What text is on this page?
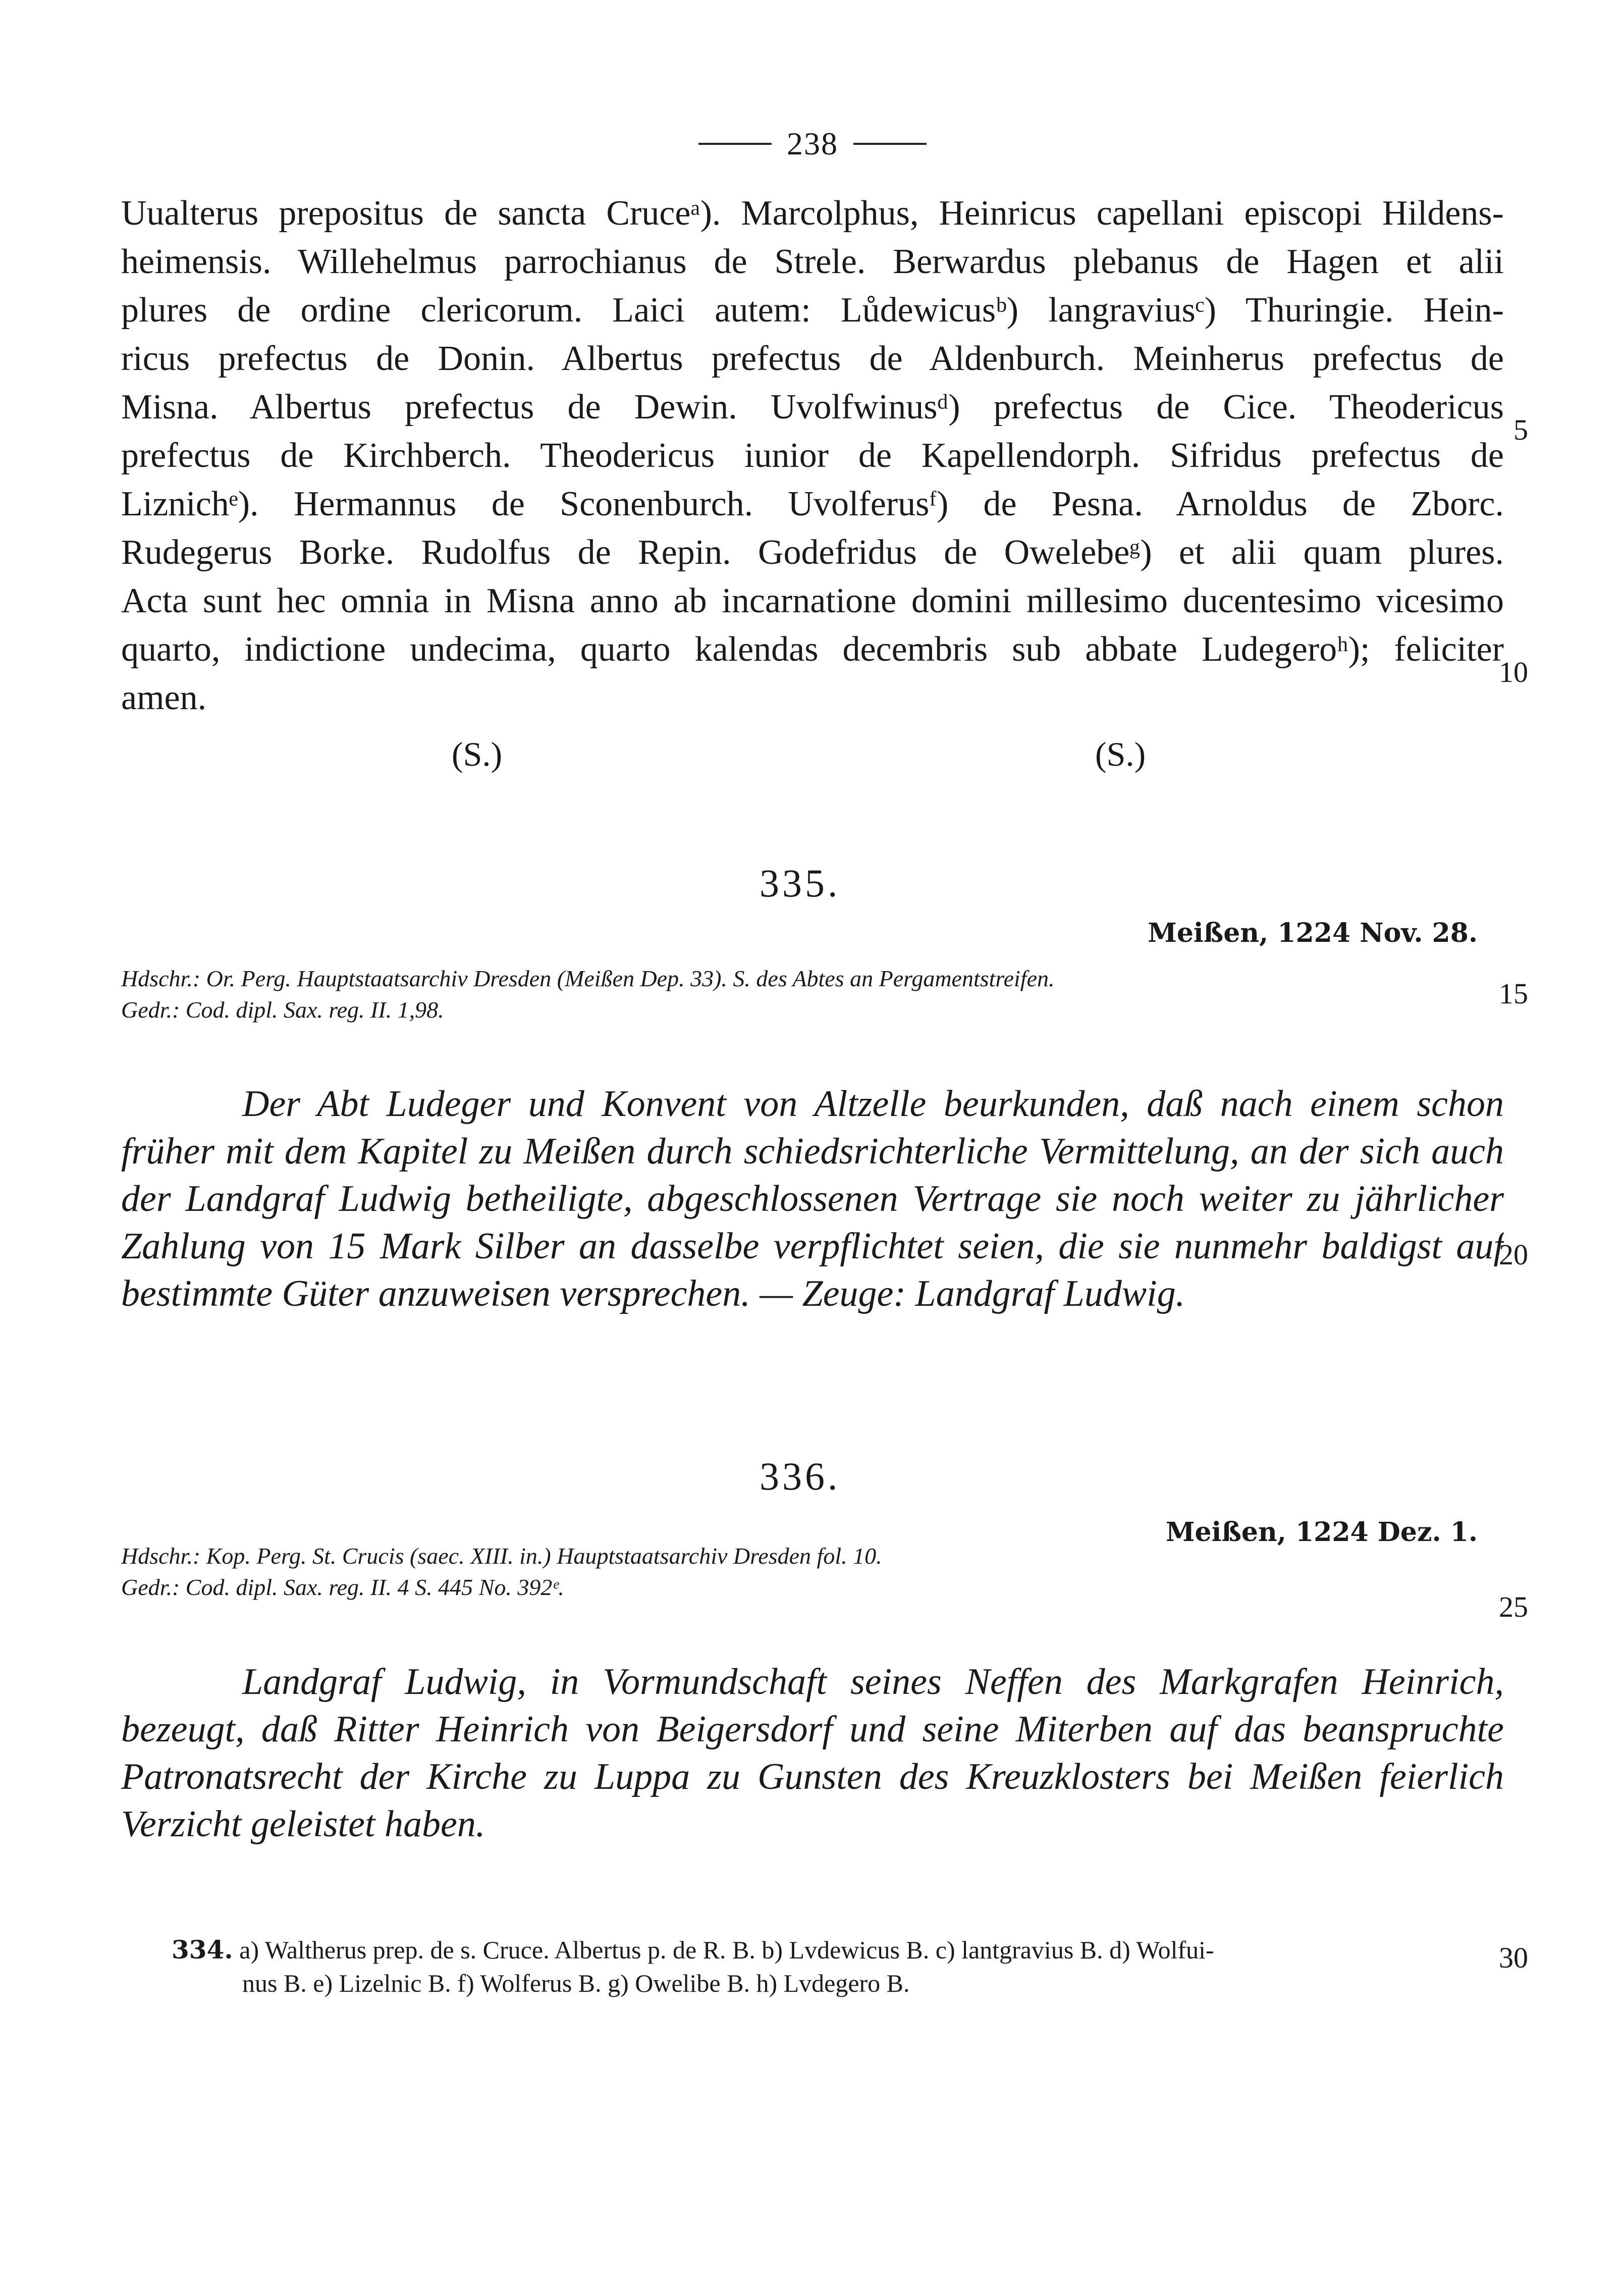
238
Uualterus prepositus de sancta Cruceᵃ). Marcolphus, Heinricus capellani episcopi Hildens-
heimensis. Willehelmus parrochianus de Strele. Berwardus plebanus de Hagen et alii
plures de ordine clericorum. Laici autem: Lůdewicusᵇ) langraviusᶜ) Thuringie. Hein-
ricus prefectus de Donin. Albertus prefectus de Aldenburch. Meinherus prefectus de
Misna. Albertus prefectus de Dewin. Uvolfwinusᵈ) prefectus de Cice. Theodericus
prefectus de Kirchberch. Theodericus iunior de Kapellendorph. Sifridus prefectus de
Liznichᵉ). Hermannus de Sconenburch. Uvolferusᶠ) de Pesna. Arnoldus de Zborc.
Rudegerus Borke. Rudolfus de Repin. Godefridus de Owelebeᵍ) et alii quam plures.
Acta sunt hec omnia in Misna anno ab incarnatione domini millesimo ducentesimo vicesimo
quarto, indictione undecima, quarto kalendas decembris sub abbate Ludegeroʰ); feliciter
amen.
(S.)	(S.)
5
10
15
20
25
30
335.
Meißen, 1224 Nov. 28.
Hdschr.: Or. Perg. Hauptstaatsarchiv Dresden (Meißen Dep. 33). S. des Abtes an Pergamentstreifen.
Gedr.: Cod. dipl. Sax. reg. II. 1,98.
Der Abt Ludeger und Konvent von Altzelle beurkunden, daß nach einem schon
früher mit dem Kapitel zu Meißen durch schiedsrichterliche Vermittelung, an der sich auch
der Landgraf Ludwig betheiligte, abgeschlossenen Vertrage sie noch weiter zu jährlicher
Zahlung von 15 Mark Silber an dasselbe verpflichtet seien, die sie nunmehr baldigst auf
bestimmte Güter anzuweisen versprechen. — Zeuge: Landgraf Ludwig.
336.
Meißen, 1224 Dez. 1.
Hdschr.: Kop. Perg. St. Crucis (saec. XIII. in.) Hauptstaatsarchiv Dresden fol. 10.
Gedr.: Cod. dipl. Sax. reg. II. 4 S. 445 No. 392ᵉ.
Landgraf Ludwig, in Vormundschaft seines Neffen des Markgrafen Heinrich,
bezeugt, daß Ritter Heinrich von Beigersdorf und seine Miterben auf das beanspruchte
Patronatsrecht der Kirche zu Luppa zu Gunsten des Kreuzklosters bei Meißen feierlich
Verzicht geleistet haben.
334. a) Waltherus prep. de s. Cruce. Albertus p. de R. B. b) Lvdewicus B. c) lantgravius B. d) Wolfui-
nus B. e) Lizelnic B. f) Wolferus B. g) Owelibe B. h) Lvdegero B.
